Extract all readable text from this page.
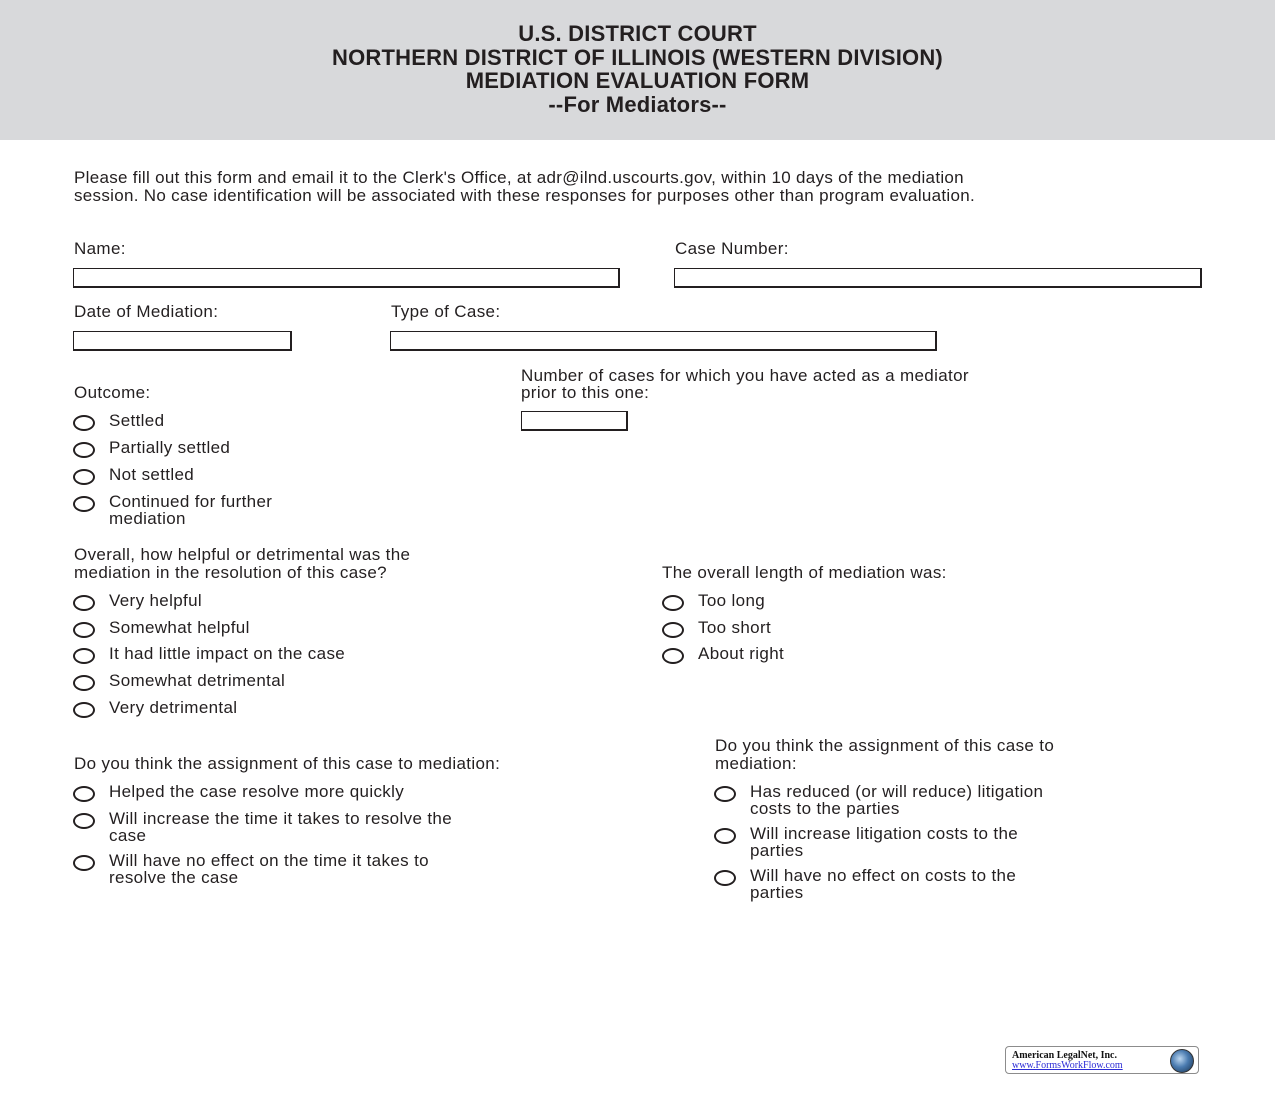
U.S. DISTRICT COURT
NORTHERN DISTRICT OF ILLINOIS (WESTERN DIVISION)
MEDIATION EVALUATION FORM
--For Mediators--
Please fill out this form and email it to the Clerk's Office, at adr@ilnd.uscourts.gov, within 10 days of the mediation
session. No case identification will be associated with these responses for purposes other than program evaluation.
Name:	Case Number:
Date of Mediation:	Type of Case:
Number of cases for which you have acted as a mediator
prior to this one:
Outcome:
Settled
Partially settled
Not settled
Continued for further
mediation
Overall, how helpful or detrimental was the
mediation in the resolution of this case?
Very helpful
Somewhat helpful
It had little impact on the case
Somewhat detrimental
Very detrimental
The overall length of mediation was:
Too long
Too short
About right
Do you think the assignment of this case to mediation:
Helped the case resolve more quickly
Will increase the time it takes to resolve the
case
Will have no effect on the time it takes to
resolve the case
Do you think the assignment of this case to
mediation:
Has reduced (or will reduce) litigation
costs to the parties
Will increase litigation costs to the
parties
Will have no effect on costs to the
parties
American LegalNet, Inc.
www.FormsWorkFlow.com
